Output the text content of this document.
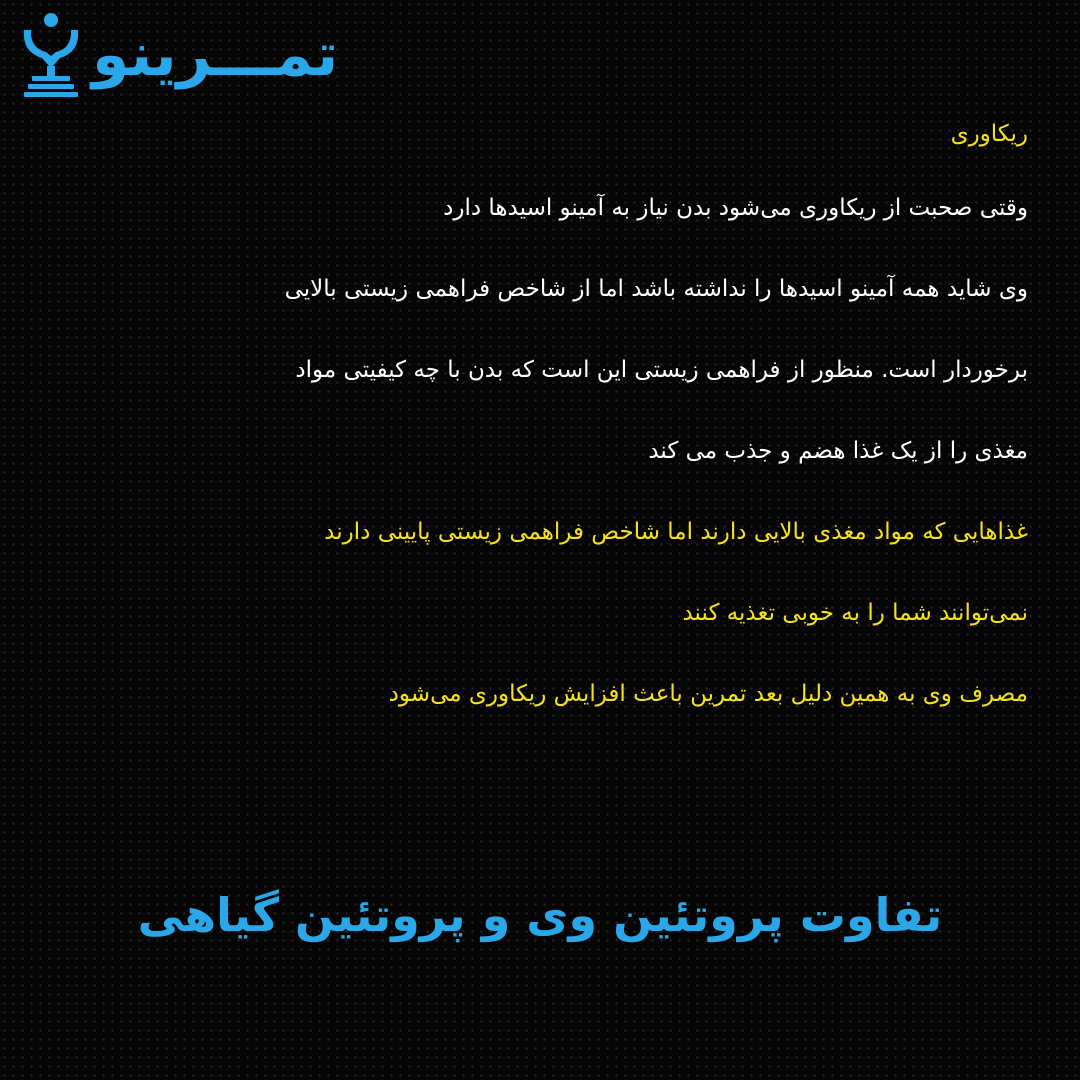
تمـــرینو

ریکاوری

وقتی صحبت از ریکاوری می‌شود بدن نیاز به آمینو اسیدها دارد

وی شاید همه آمینو اسیدها را نداشته باشد اما از شاخص فراهمی زیستی بالایی

برخوردار است. منظور از فراهمی زیستی این است که بدن با چه کیفیتی مواد

مغذی را از یک غذا هضم و جذب می کند

غذاهایی که مواد مغذی بالایی دارند اما شاخص فراهمی زیستی پایینی دارند

نمی‌توانند شما را به خوبی تغذیه کنند

مصرف وی به همین دلیل بعد تمرین باعث افزایش ریکاوری می‌شود

تفاوت پروتئین وی و پروتئین گیاهی
